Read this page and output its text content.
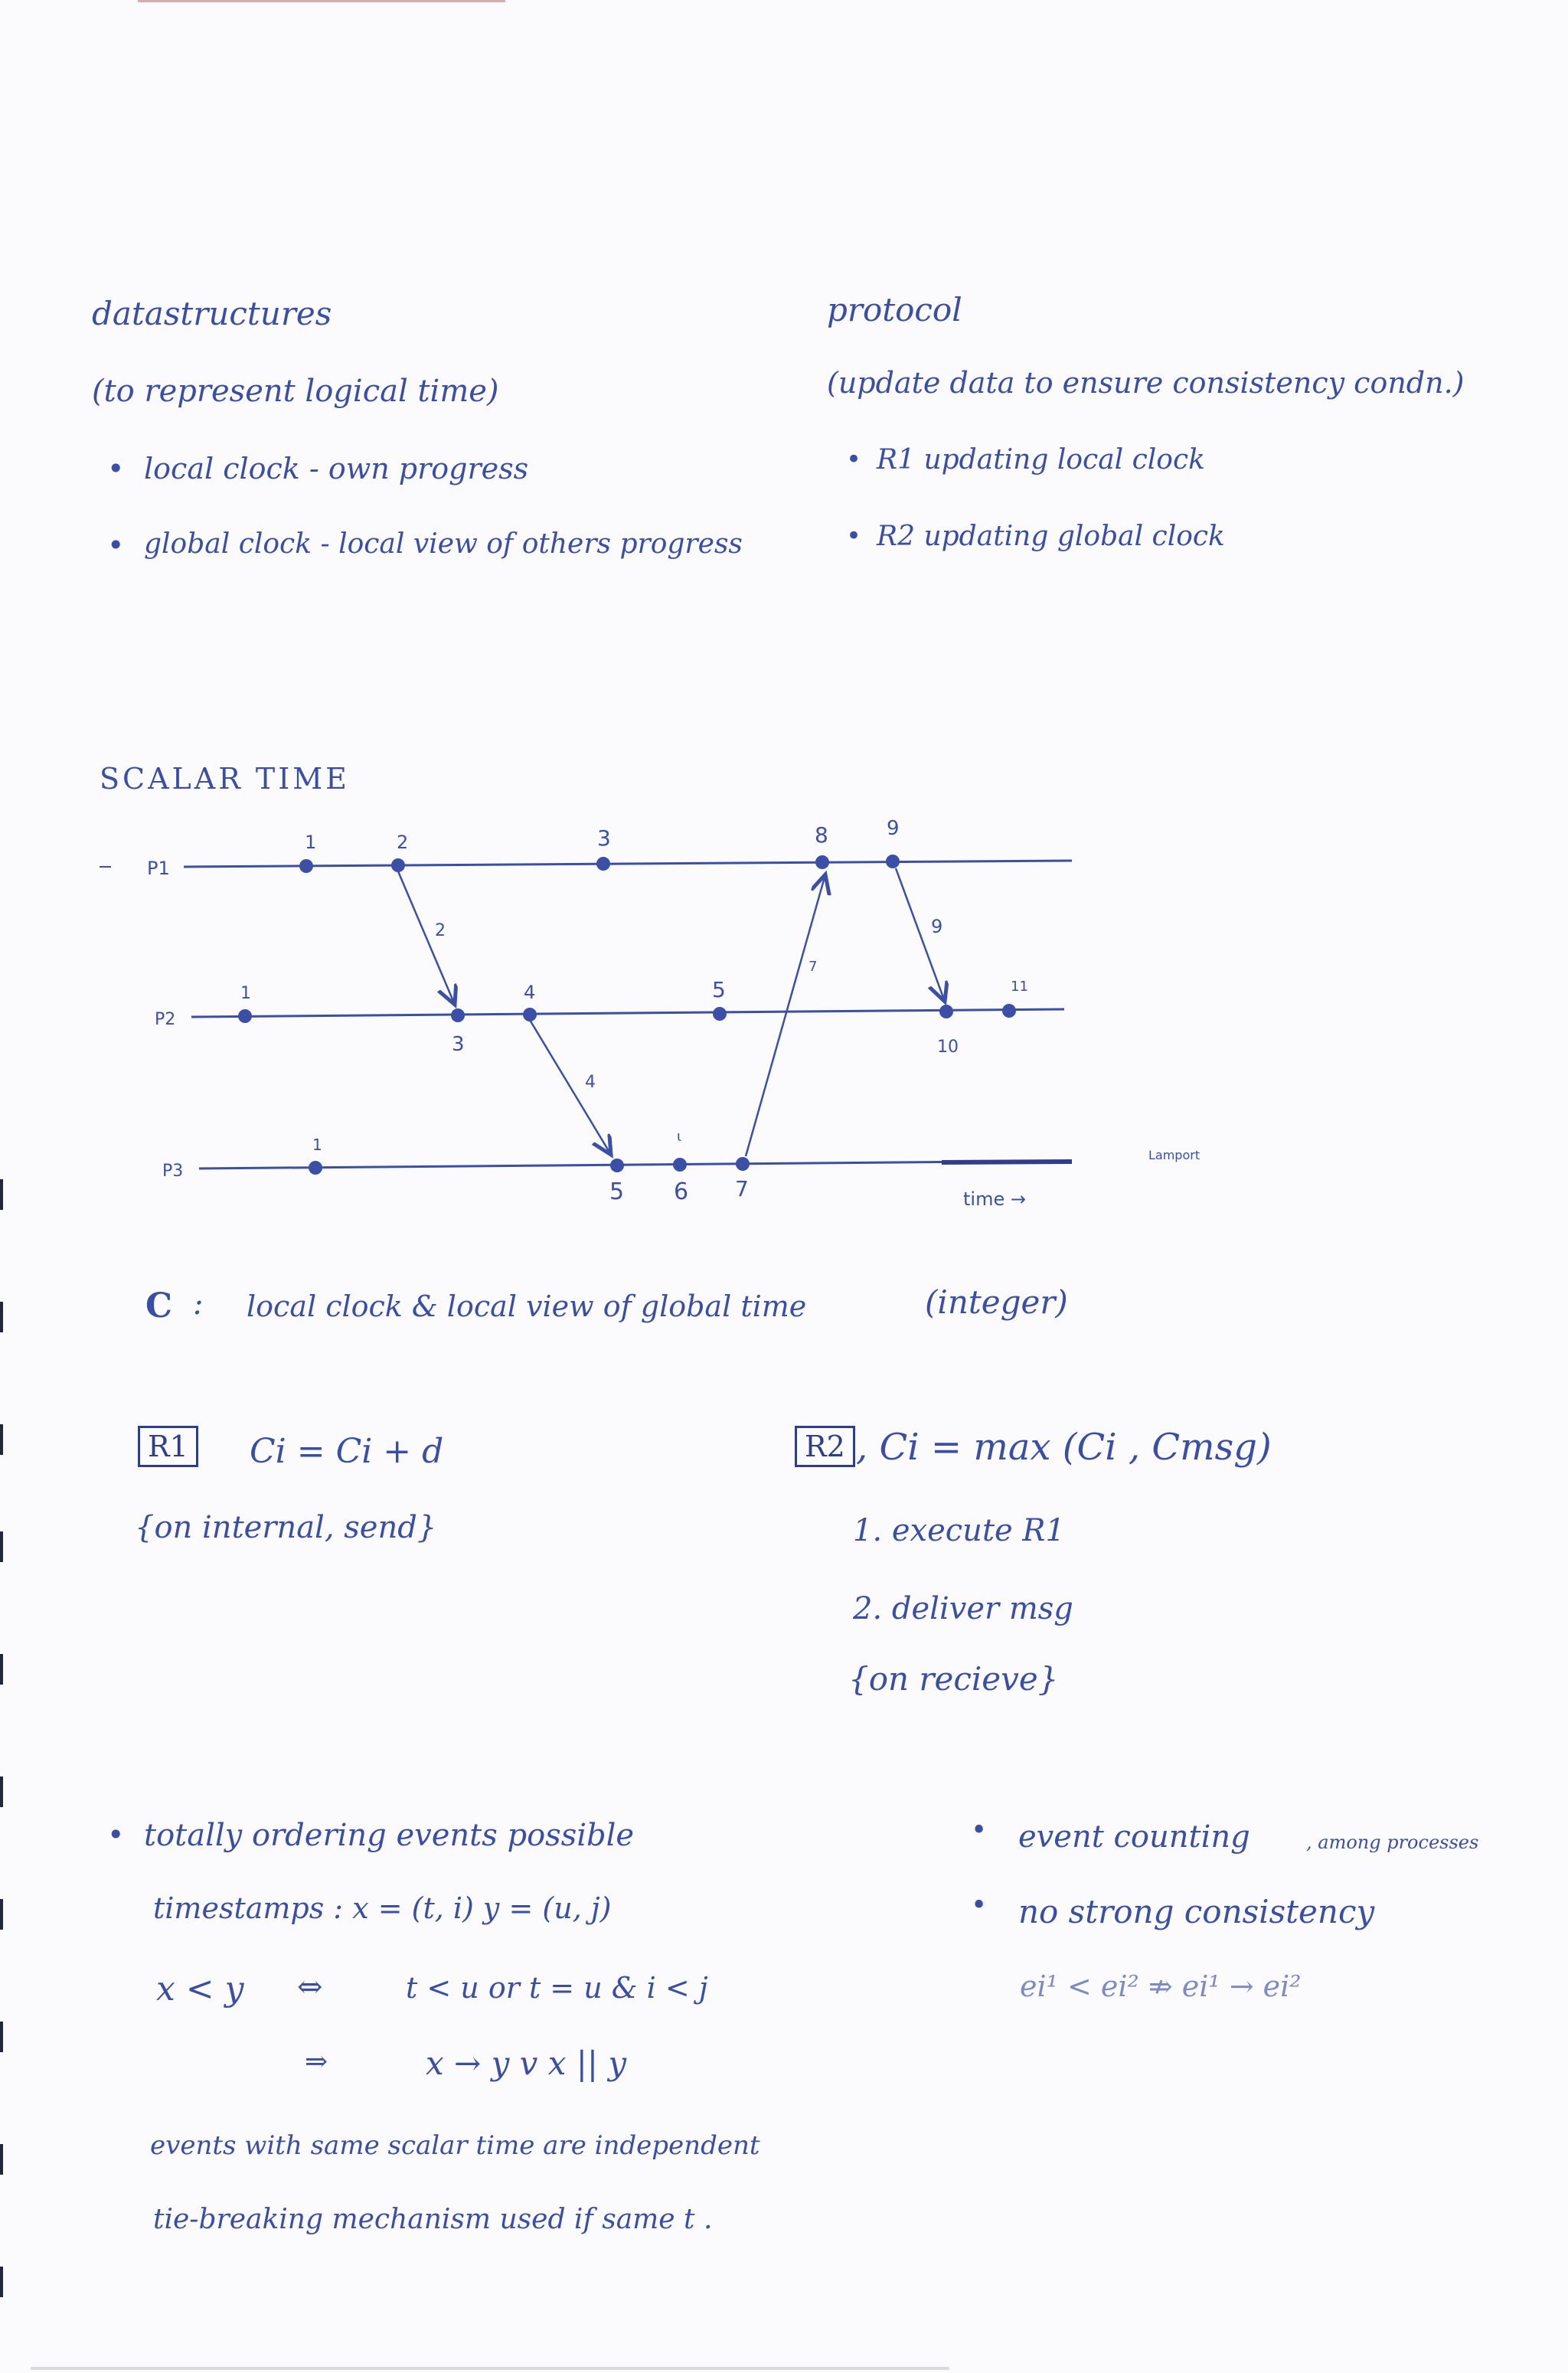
datastructures
(to represent logical time)
• local clock - own progress
• global clock - local view of others progress
protocol
(update data to ensure consistency condn.)
• R1 updating local clock
• R2 updating global clock
SCALAR TIME
P1
P2
P3
1	2	3	8	9
1
3
4	5
10
11
1
5 6 7
ι
2
4
7
9
time →
Lamport
C : local clock & local view of global time	(integer)
R1 Ci = Ci + d
{on internal, send}
R2 , Ci = max (Ci , Cmsg)
1. execute R1
2. deliver msg
{on recieve}
• totally ordering events possible
timestamps : x = (t, i) y = (u, j)
x < y ⇔	t < u or t = u & i < j
⇒	x → y v x || y
events with same scalar time are independent
tie-breaking mechanism used if same t .
• event counting	, among processes
• no strong consistency
ei¹ < ei² ⇏ ei¹ → ei²
